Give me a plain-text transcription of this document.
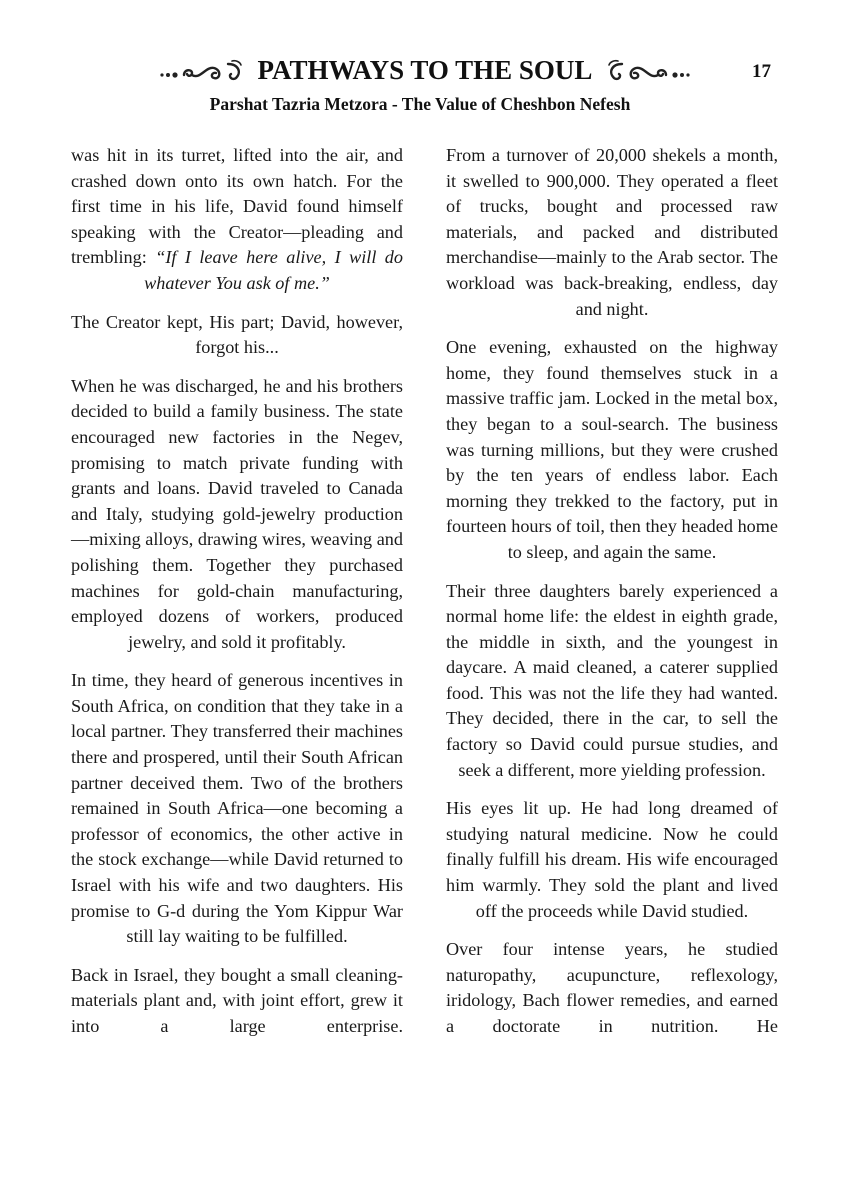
PATHWAYS TO THE SOUL	17
Parshat Tazria Metzora - The Value of Cheshbon Nefesh

was hit in its turret, lifted into the air, and crashed down onto its own hatch. For the first time in his life, David found himself speaking with the Creator—pleading and trembling: “If I leave here alive, I will do whatever You ask of me.”

The Creator kept, His part; David, however, forgot his...

When he was discharged, he and his brothers decided to build a family business. The state encouraged new factories in the Negev, promising to match private funding with grants and loans. David traveled to Canada and Italy, studying gold-jewelry production—mixing alloys, drawing wires, weaving and polishing them. Together they purchased machines for gold-chain manufacturing, employed dozens of workers, produced jewelry, and sold it profitably.

In time, they heard of generous incentives in South Africa, on condition that they take in a local partner. They transferred their machines there and prospered, until their South African partner deceived them. Two of the brothers remained in South Africa—one becoming a professor of economics, the other active in the stock exchange—while David returned to Israel with his wife and two daughters. His promise to G-d during the Yom Kippur War still lay waiting to be fulfilled.

Back in Israel, they bought a small cleaning-materials plant and, with joint effort, grew it into a large enterprise.

From a turnover of 20,000 shekels a month, it swelled to 900,000. They operated a fleet of trucks, bought and processed raw materials, and packed and distributed merchandise—mainly to the Arab sector. The workload was back-breaking, endless, day and night.

One evening, exhausted on the highway home, they found themselves stuck in a massive traffic jam. Locked in the metal box, they began to a soul-search. The business was turning millions, but they were crushed by the ten years of endless labor. Each morning they trekked to the factory, put in fourteen hours of toil, then they headed home to sleep, and again the same.

Their three daughters barely experienced a normal home life: the eldest in eighth grade, the middle in sixth, and the youngest in daycare. A maid cleaned, a caterer supplied food. This was not the life they had wanted. They decided, there in the car, to sell the factory so David could pursue studies, and seek a different, more yielding profession.

His eyes lit up. He had long dreamed of studying natural medicine. Now he could finally fulfill his dream. His wife encouraged him warmly. They sold the plant and lived off the proceeds while David studied.

Over four intense years, he studied naturopathy, acupuncture, reflexology, iridology, Bach flower remedies, and earned a doctorate in nutrition. He
